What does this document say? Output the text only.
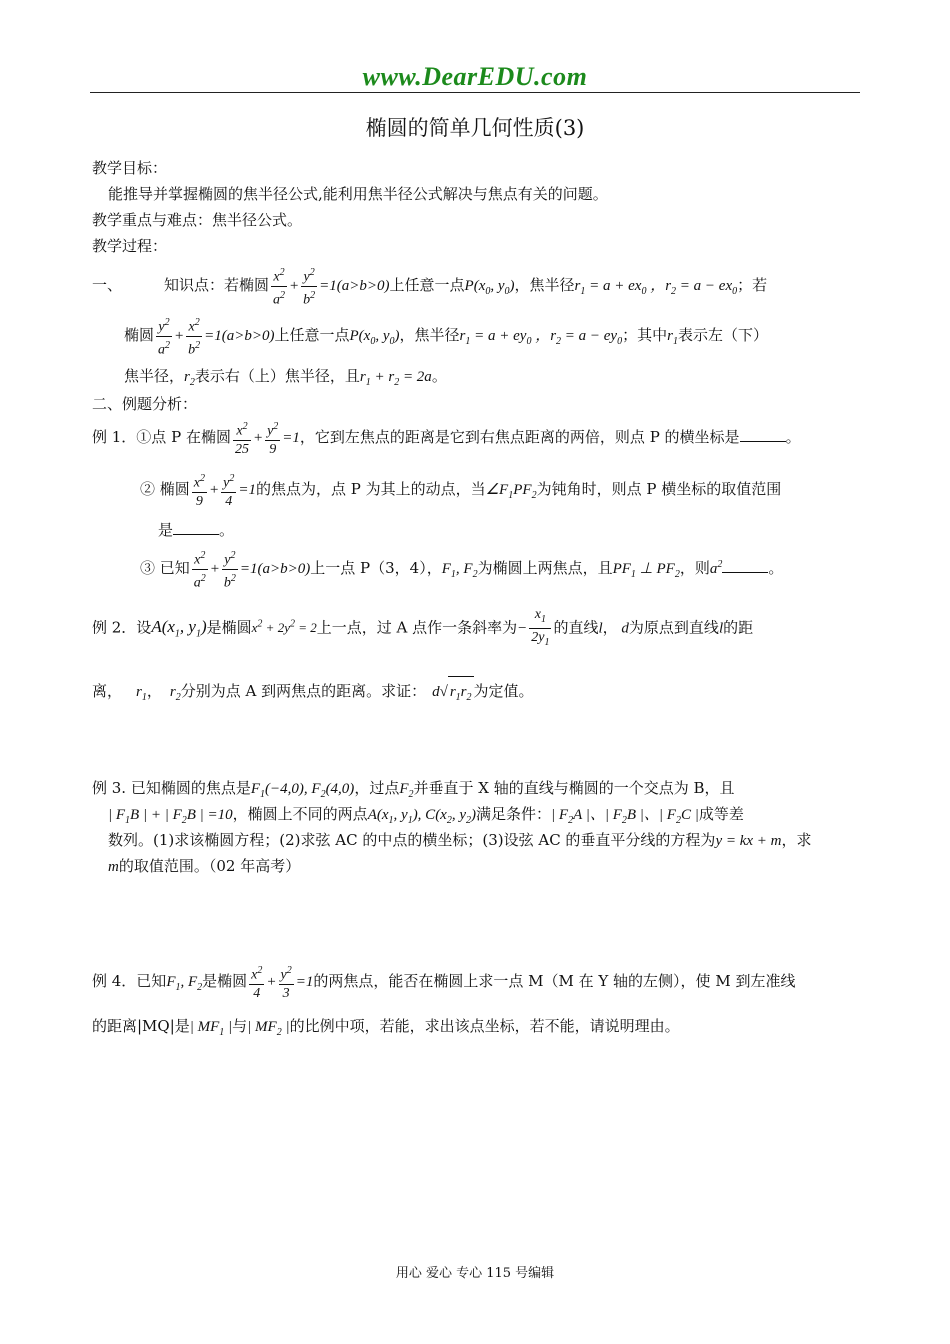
www.DearEDU.com
椭圆的简单几何性质(3)
教学目标：
能推导并掌握椭圆的焦半径公式,能利用焦半径公式解决与焦点有关的问题。
教学重点与难点：焦半径公式。
教学过程：
一、	知识点：若椭圆 $\frac{x^2}{a^2} + \frac{y^2}{b^2} =1(a>b>0)$上任意一点$P(x_0$, $y_0$)，焦半径$r_1 = a + ex_0$ ，$r_2 = a - ex_0$；若
椭圆 $\frac{y^2}{a^2} + \frac{x^2}{b^2} =1(a>b>0)$上任意一点$P(x_0$, $y_0$)，焦半径$r_1 = a + ey_0$ ，$r_2 = a - ey_0$；其中$r_1$表示左（下）
焦半径，$r_2$表示右（上）焦半径，且$r_1 + r_2 = 2a$。
二、例题分析：
例 1．①点 P 在椭圆 $\frac{x^2}{25} + \frac{y^2}{9} =1$，它到左焦点的距离是它到右焦点距离的两倍，则点 P 的横坐标是	。
② 椭圆 $\frac{x^2}{9} + \frac{y^2}{4} =1$的焦点为，点 P 为其上的动点，当$\angle F_1PF_2$为钝角时，则点 P 横坐标的取值范围
是	。
③ 已知 $\frac{x^2}{a^2} + \frac{y^2}{b^2} =1(a>b>0)$上一点 P（3，4），$F_1$, $F_2$为椭圆上两焦点，且$PF_1$ ⊥ $PF_2$，则$a^2$	。
例 2．设$A(x_1$, $y_1$)是椭圆$x^2 + 2y^2 = 2$上一点，过 A 点作一条斜率为− $\frac{x_1}{2y_1}$ 的直线l， d为原点到直线l的距
离， $r_1$， $r_2$分别为点 A 到两焦点的距离。求证： d√ $r_1r_2$ 为定值。
例 3. 已知椭圆的焦点是$F_1(-4,0)$, $F_2(4,0)$，过点$F_2$并垂直于 X 轴的直线与椭圆的一个交点为 B，且
| $F_1B$ | + | $F_2B$ | =10，椭圆上不同的两点$A(x_1$, $y_1$), $C(x_2$, $y_2$)满足条件：| $F_2A$ |、| $F_2B$ |、| $F_2C$ |成等差
数列。(1)求该椭圆方程；(2)求弦 AC 的中点的横坐标；(3)设弦 AC 的垂直平分线的方程为y = kx + m，求
m的取值范围。（02 年高考）
例 4．已知$F_1$, $F_2$是椭圆 $\frac{x^2}{4} + \frac{y^2}{3} =1$的两焦点，能否在椭圆上求一点 M（M 在 Y 轴的左侧），使 M 到左准线
的距离|MQ|是| $MF_1$ |与| $MF_2$ |的比例中项，若能，求出该点坐标，若不能，请说明理由。
用心 爱心 专心 115 号编辑
